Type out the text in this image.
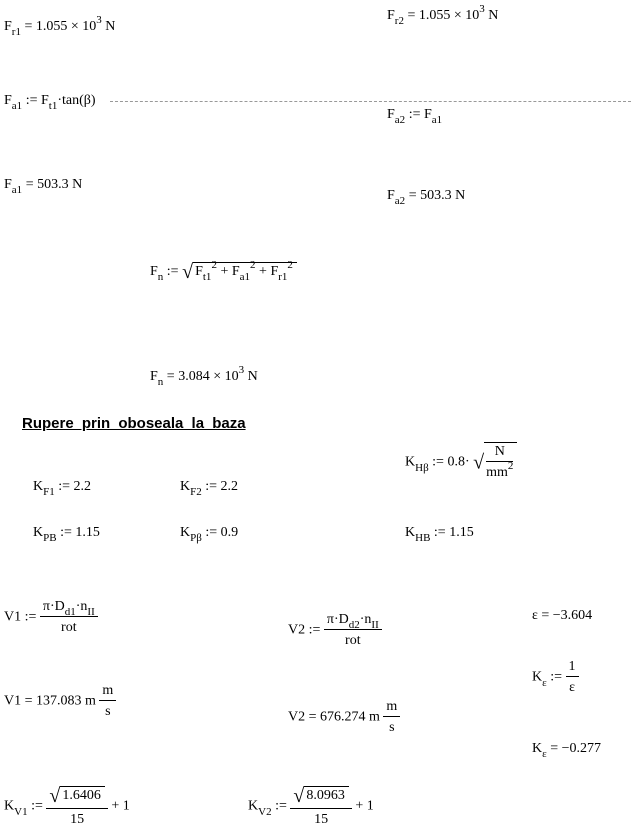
$F_{r1} = 1.055 \times 10^3$ N
$F_{r2} = 1.055 \times 10^3$ N
$F_{a1}$ := $F_{t1}\cdot\tan(\beta)$
$F_{a2}$ := $F_{a1}$
$F_{a1} = 503.3$ N
$F_{a2} = 503.3$ N
$F_n$ := √ $F_{t1}^2 + F_{a1}^2 + F_{r1}^2$
$F_n = 3.084 \times 10^3$ N
Rupere prin oboseala la baza
$K_{F1}$ := 2.2	$K_{F2}$ := 2.2
$K_{H\beta}$ := 0.8· √ $\frac{N}{mm^2}$
$K_{PB}$ := 1.15	$K_{P\beta}$ := 0.9	$K_{HB}$ := 1.15
V1 := $\frac{\pi\cdot D_{d1}\cdot n_{II}}{\text{rot}}$	V2 := $\frac{\pi\cdot D_{d2}\cdot n_{II}}{\text{rot}}$
V1 = 137.083 m $\frac{m}{s}$	V2 = 676.274 m $\frac{m}{s}$
ε = −3.604
$K_\varepsilon$ := $\frac{1}{\varepsilon}$
$K_\varepsilon = -0.277$
$K_{V1}$ := $\frac{√ 1.6406}{15} + 1$	$K_{V2}$ := $\frac{√ 8.0963}{15} + 1$
